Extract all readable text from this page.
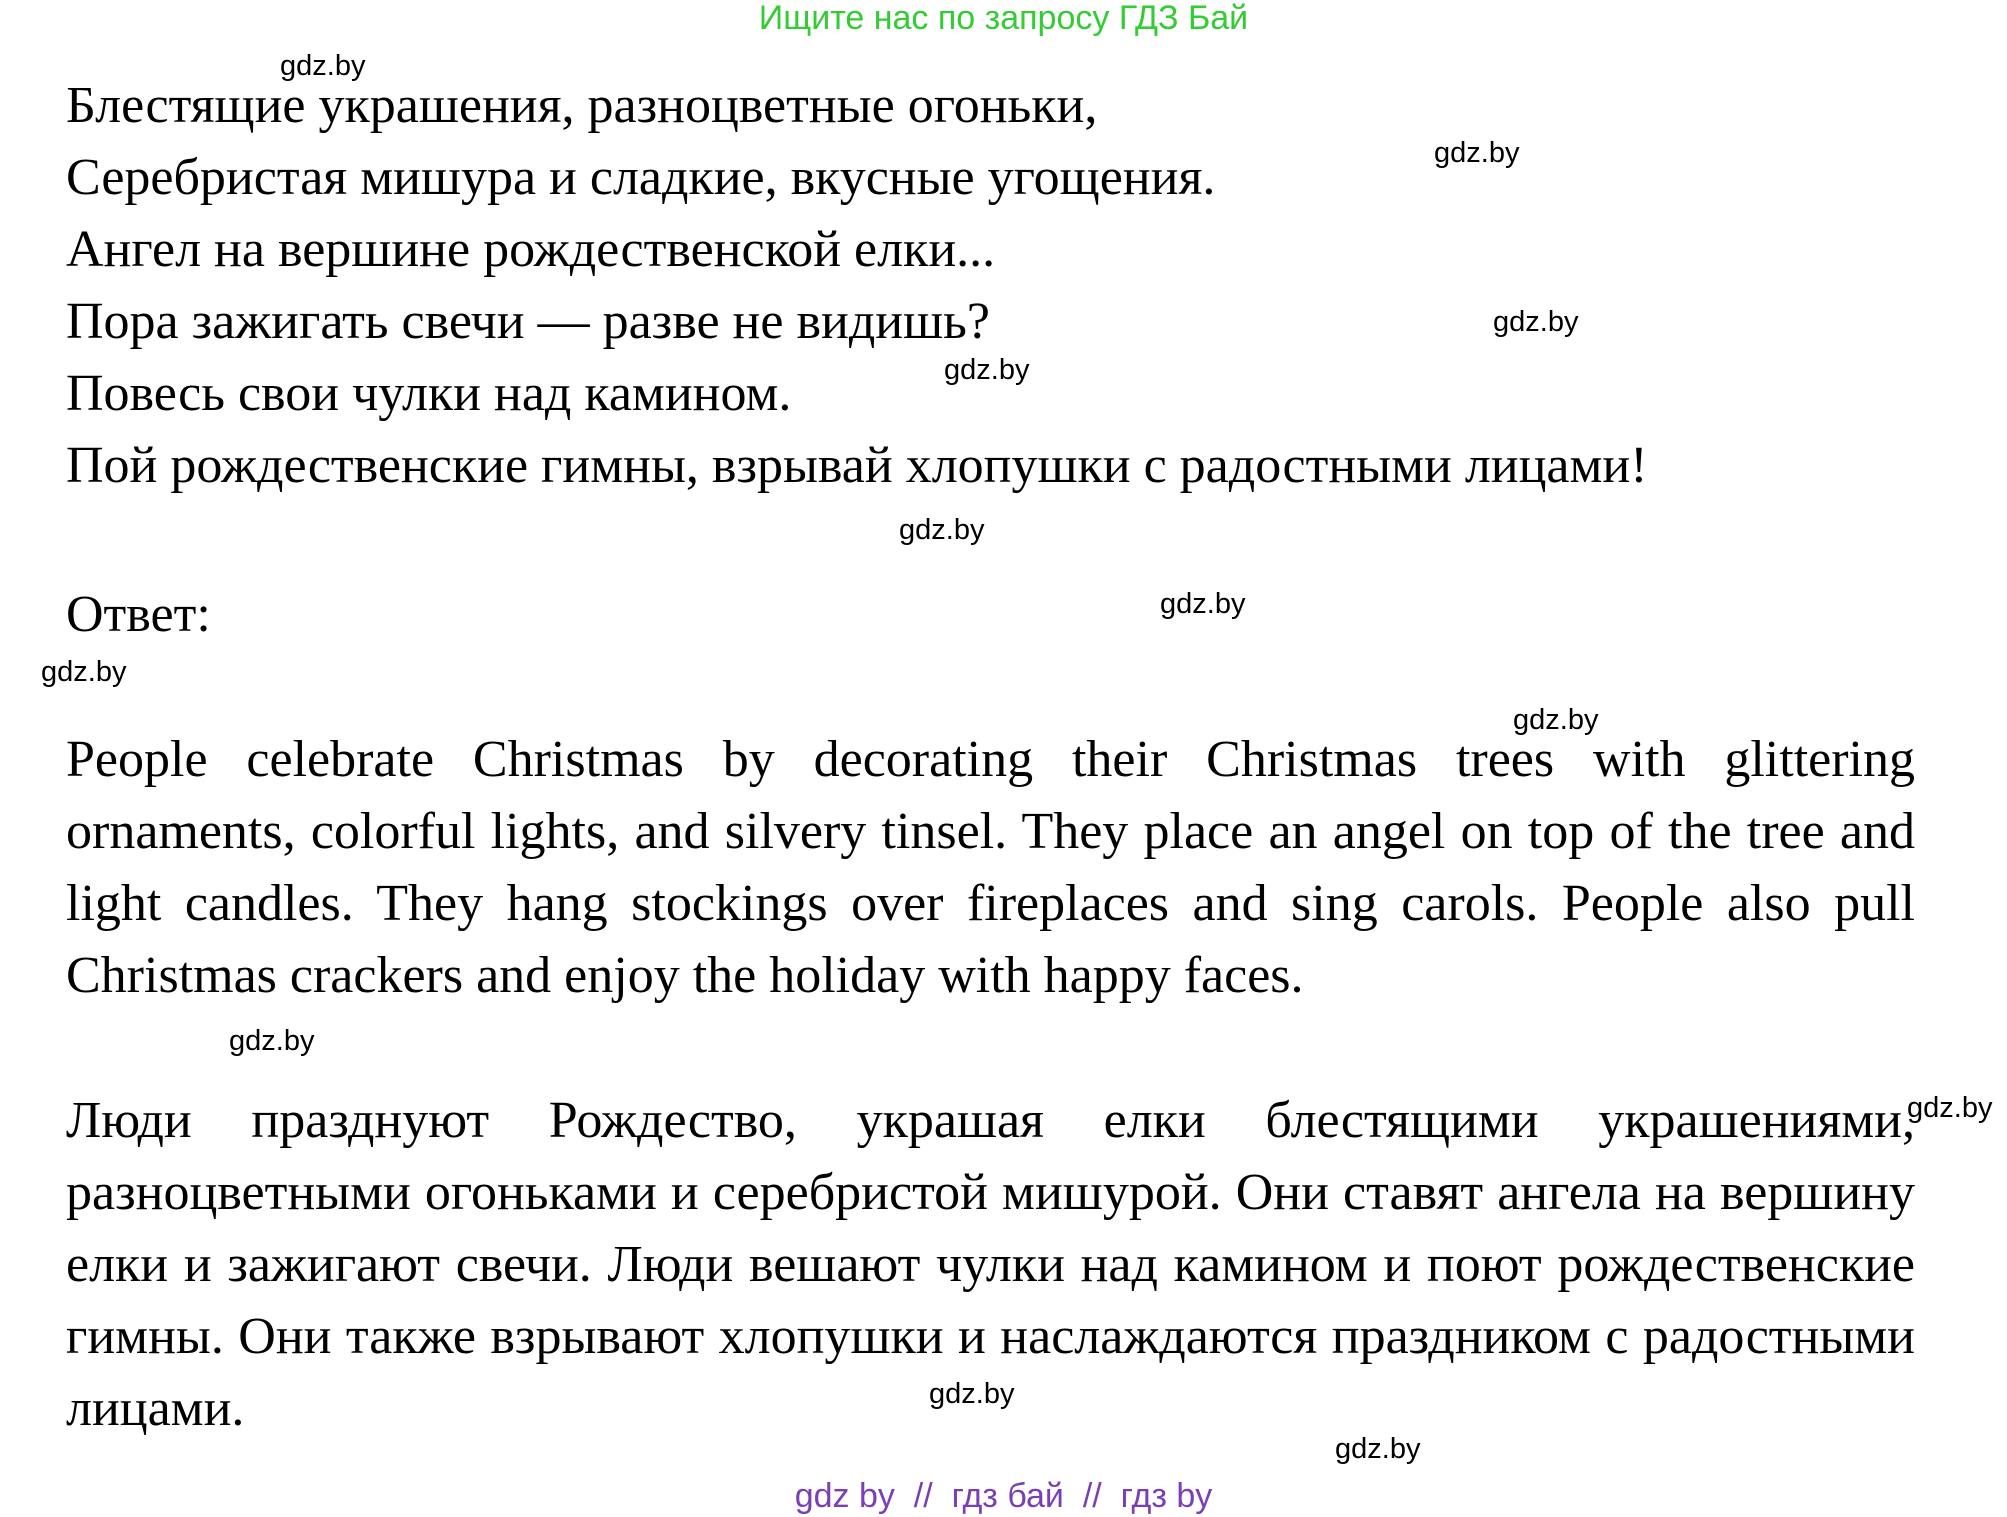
Ищите нас по запросу ГДЗ Бай
Блестящие украшения, разноцветные огоньки,
Серебристая мишура и сладкие, вкусные угощения.
Ангел на вершине рождественской елки...
Пора зажигать свечи — разве не видишь?
Повесь свои чулки над камином.
Пой рождественские гимны, взрывай хлопушки с радостными лицами!
Ответ:
People celebrate Christmas by decorating their Christmas trees with glittering ornaments, colorful lights, and silvery tinsel. They place an angel on top of the tree and light candles. They hang stockings over fireplaces and sing carols. People also pull Christmas crackers and enjoy the holiday with happy faces.
Люди празднуют Рождество, украшая елки блестящими украшениями, разноцветными огоньками и серебристой мишурой. Они ставят ангела на вершину елки и зажигают свечи. Люди вешают чулки над камином и поют рождественские гимны. Они также взрывают хлопушки и наслаждаются праздником с радостными лицами.
gdz.by
gdz.by
gdz.by
gdz.by
gdz.by
gdz.by
gdz.by
gdz.by
gdz.by
gdz.by
gdz.by
gdz.by
gdz by  //  гдз бай  //  гдз by
